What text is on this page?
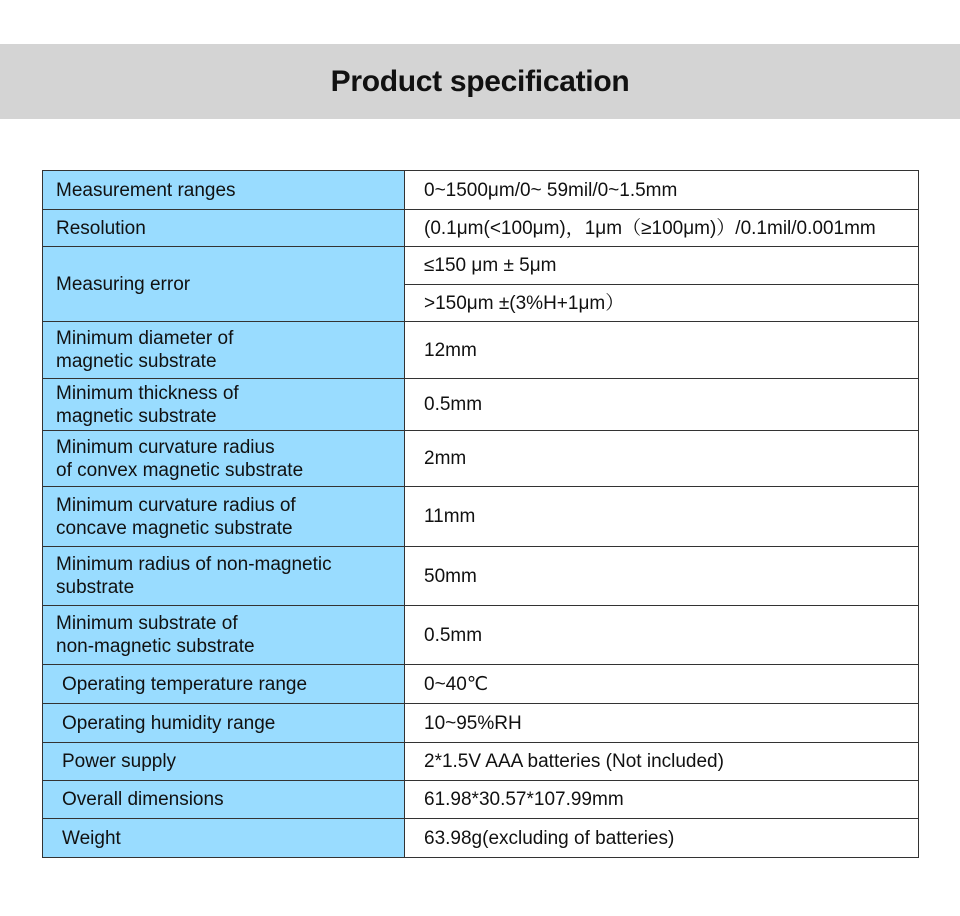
Product specification
Measurement ranges	0~1500μm/0~ 59mil/0~1.5mm
Resolution	(0.1μm(<100μm)，1μm（≥100μm)）/0.1mil/0.001mm
Measuring error	≤150 μm ± 5μm
	>150μm ±(3%H+1μm）

Minimum diameter of
magnetic substrate	12mm

Minimum thickness of
magnetic substrate	0.5mm

Minimum curvature radius
of convex magnetic substrate	2mm

Minimum curvature radius of
concave magnetic substrate	11mm

Minimum radius of non-magnetic
substrate	50mm

Minimum substrate of
non-magnetic substrate	0.5mm
Operating temperature range	0~40℃
Operating humidity range	10~95%RH
Power supply	2*1.5V AAA batteries (Not included)
Overall dimensions	61.98*30.57*107.99mm
Weight	63.98g(excluding of batteries)
